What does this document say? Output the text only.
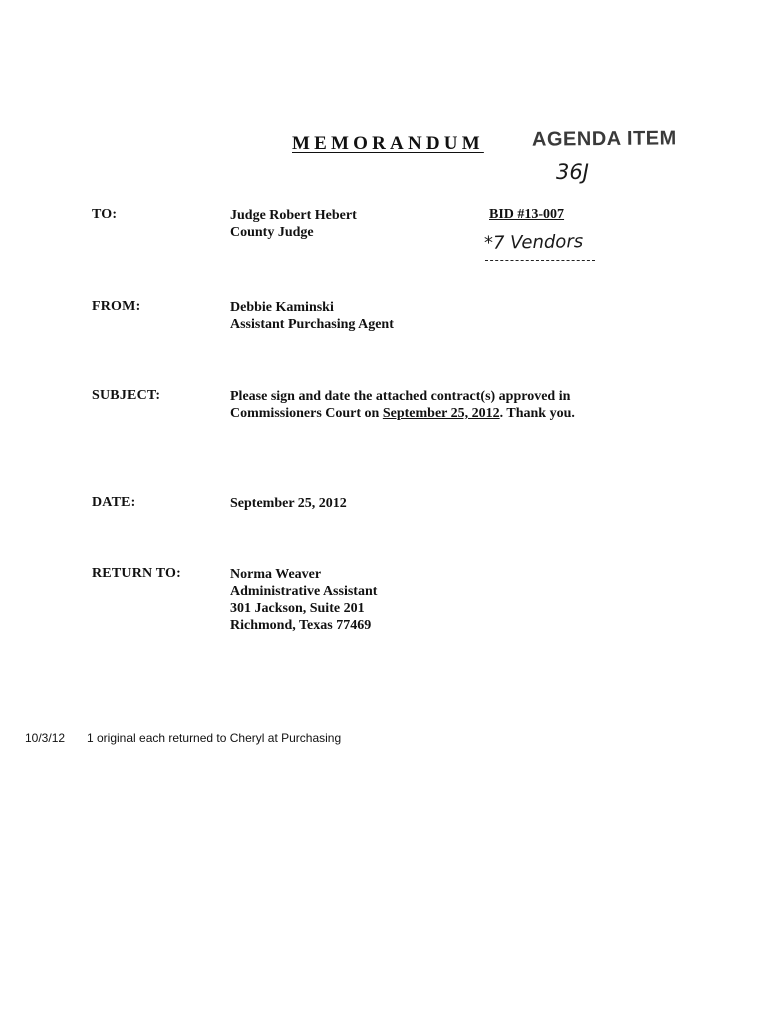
MEMORANDUM AGENDA ITEM
36J
TO:	Judge Robert Hebert
County Judge
BID #13-007
*7 Vendors
FROM:	Debbie Kaminski
Assistant Purchasing Agent
SUBJECT:	Please sign and date the attached contract(s) approved in
Commissioners Court on September 25, 2012. Thank you.
DATE:	September 25, 2012
RETURN TO:	Norma Weaver
Administrative Assistant
301 Jackson, Suite 201
Richmond, Texas 77469
10/3/12 1 original each returned to Cheryl at Purchasing
